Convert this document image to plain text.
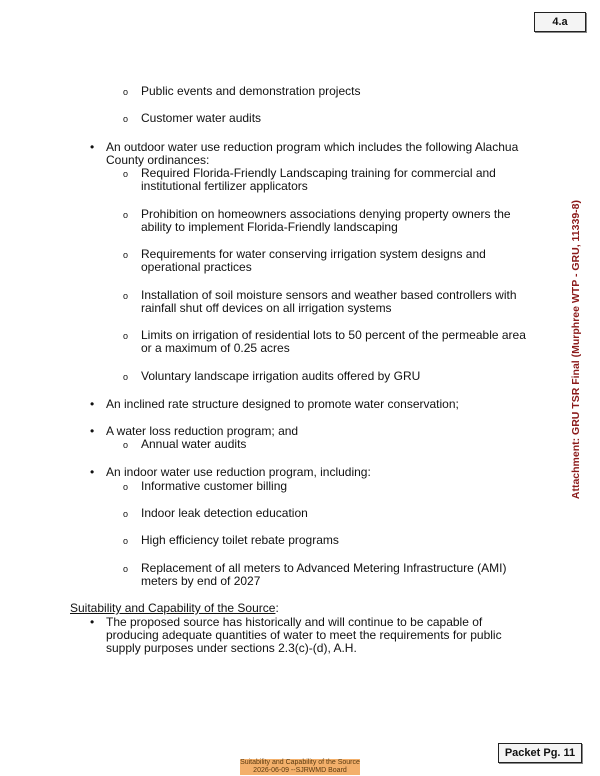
4.a
Attachment: GRU TSR Final (Murphree WTP - GRU, 11339-8)
o Public events and demonstration projects
o Customer water audits
• An outdoor water use reduction program which includes the following Alachua
County ordinances:
o Required Florida-Friendly Landscaping training for commercial and
institutional fertilizer applicators
o Prohibition on homeowners associations denying property owners the
ability to implement Florida-Friendly landscaping
o Requirements for water conserving irrigation system designs and
operational practices
o Installation of soil moisture sensors and weather based controllers with
rainfall shut off devices on all irrigation systems
o Limits on irrigation of residential lots to 50 percent of the permeable area
or a maximum of 0.25 acres
o Voluntary landscape irrigation audits offered by GRU
• An inclined rate structure designed to promote water conservation;
• A water loss reduction program; and
o Annual water audits
• An indoor water use reduction program, including:
o Informative customer billing
o Indoor leak detection education
o High efficiency toilet rebate programs
o Replacement of all meters to Advanced Metering Infrastructure (AMI)
meters by end of 2027
Suitability and Capability of the Source:
• The proposed source has historically and will continue to be capable of
producing adequate quantities of water to meet the requirements for public
supply purposes under sections 2.3(c)-(d), A.H.
Packet Pg. 11
Suitability and Capability of the Source
2026-06-09 --SJRWMD Board
